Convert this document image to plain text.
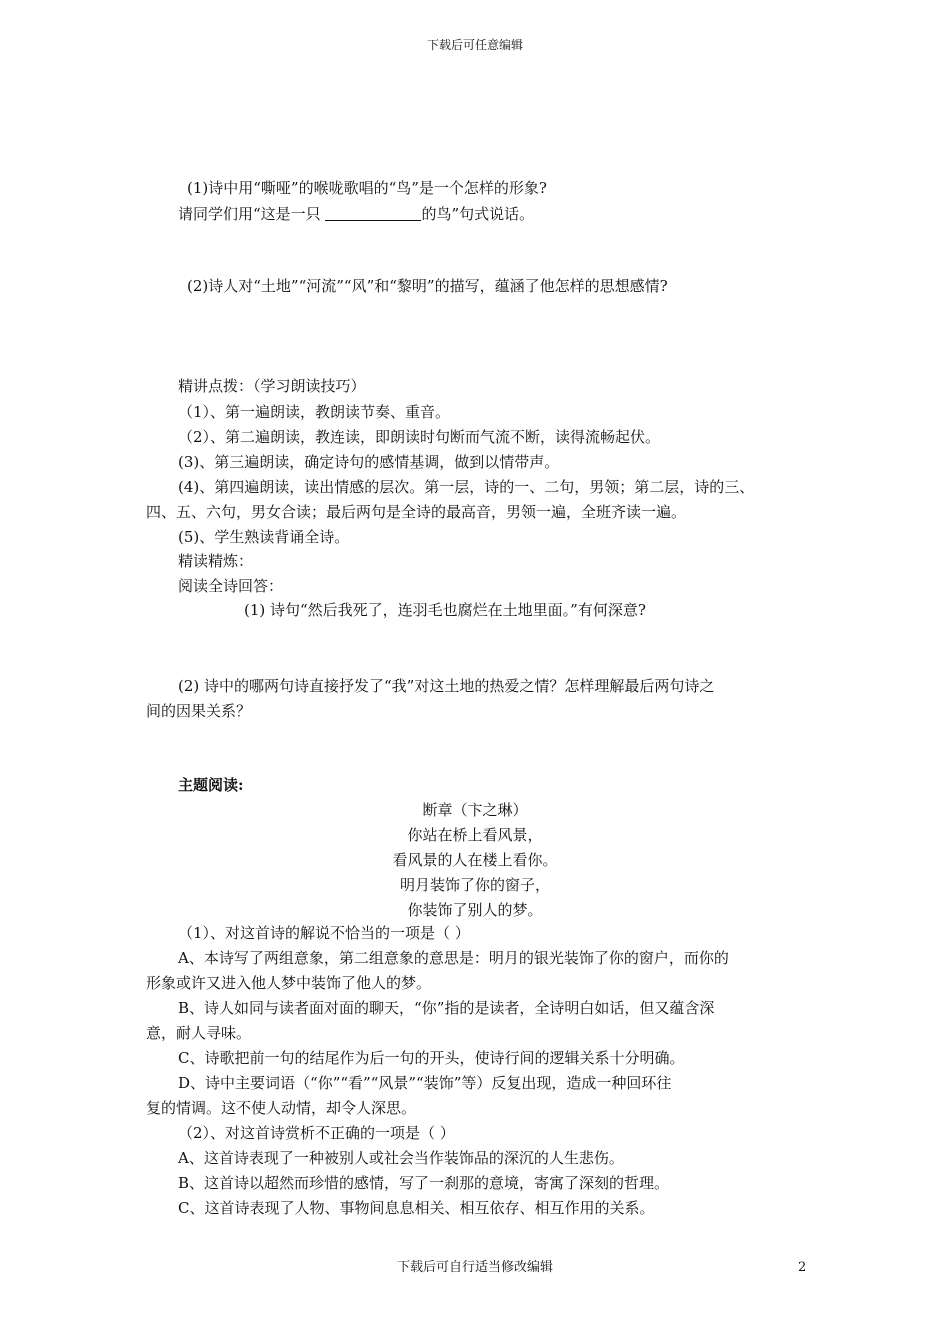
下载后可任意编辑
(1)诗中用“嘶哑”的喉咙歌唱的“鸟”是一个怎样的形象?
请同学们用“这是一只	的鸟”句式说话。
(2)诗人对“土地”“河流”“风”和“黎明”的描写，蕴涵了他怎样的思想感情?
精讲点拨：（学习朗读技巧）
（1）、第一遍朗读，教朗读节奏、重音。
（2）、第二遍朗读，教连读，即朗读时句断而气流不断，读得流畅起伏。
(3)、第三遍朗读，确定诗句的感情基调，做到以情带声。
(4)、第四遍朗读，读出情感的层次。第一层，诗的一、二句，男领；第二层，诗的三、
四、五、六句，男女合读；最后两句是全诗的最高音，男领一遍，全班齐读一遍。
(5)、学生熟读背诵全诗。
精读精炼：
阅读全诗回答：
(1) 诗句“然后我死了，连羽毛也腐烂在土地里面。”有何深意?
(2) 诗中的哪两句诗直接抒发了“我”对这土地的热爱之情？怎样理解最后两句诗之
间的因果关系？
主题阅读:
断章（卞之琳）
你站在桥上看风景，
看风景的人在楼上看你。
明月装饰了你的窗子，
你装饰了别人的梦。
（1）、对这首诗的解说不恰当的一项是（ ）
A、本诗写了两组意象，第二组意象的意思是：明月的银光装饰了你的窗户，而你的
形象或许又进入他人梦中装饰了他人的梦。
B、诗人如同与读者面对面的聊天，“你”指的是读者，全诗明白如话，但又蕴含深
意，耐人寻味。
C、诗歌把前一句的结尾作为后一句的开头，使诗行间的逻辑关系十分明确。
D、诗中主要词语（“你”“看”“风景”“装饰”等）反复出现，造成一种回环往
复的情调。这不使人动情，却令人深思。
（2）、对这首诗赏析不正确的一项是（ ）
A、这首诗表现了一种被别人或社会当作装饰品的深沉的人生悲伤。
B、这首诗以超然而珍惜的感情，写了一刹那的意境，寄寓了深刻的哲理。
C、这首诗表现了人物、事物间息息相关、相互依存、相互作用的关系。
下载后可自行适当修改编辑	2
